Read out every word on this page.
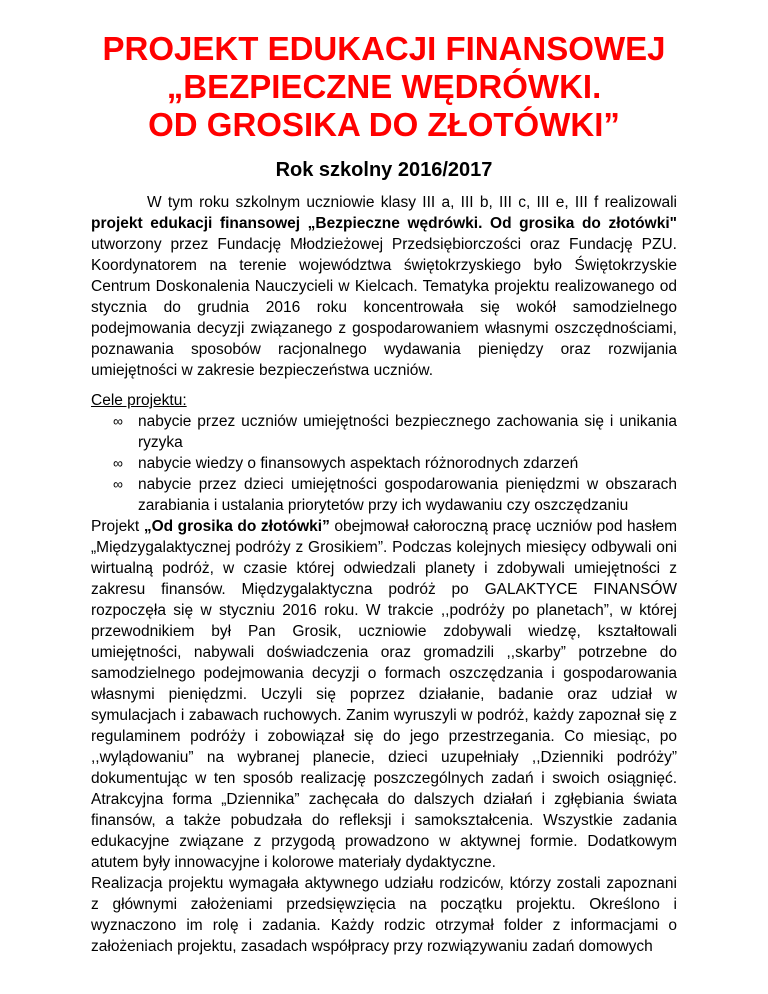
PROJEKT EDUKACJI FINANSOWEJ
„BEZPIECZNE WĘDRÓWKI.
OD GROSIKA DO ZŁOTÓWKI”
Rok szkolny 2016/2017

W tym roku szkolnym uczniowie klasy III a, III b, III c, III e, III f realizowali projekt edukacji finansowej „Bezpieczne wędrówki. Od grosika do złotówki" utworzony przez Fundację Młodzieżowej Przedsiębiorczości oraz Fundację PZU. Koordynatorem na terenie województwa świętokrzyskiego było Świętokrzyskie Centrum Doskonalenia Nauczycieli w Kielcach. Tematyka projektu realizowanego od stycznia do grudnia 2016 roku koncentrowała się wokół samodzielnego podejmowania decyzji związanego z gospodarowaniem własnymi oszczędnościami, poznawania sposobów racjonalnego wydawania pieniędzy oraz rozwijania umiejętności w zakresie bezpieczeństwa uczniów.

Cele projektu:
∞ nabycie przez uczniów umiejętności bezpiecznego zachowania się i unikania ryzyka
∞ nabycie wiedzy o finansowych aspektach różnorodnych zdarzeń
∞ nabycie przez dzieci umiejętności gospodarowania pieniędzmi w obszarach zarabiania i ustalania priorytetów przy ich wydawaniu czy oszczędzaniu

Projekt „Od grosika do złotówki” obejmował całoroczną pracę uczniów pod hasłem „Międzygalaktycznej podróży z Grosikiem”. Podczas kolejnych miesięcy odbywali oni wirtualną podróż, w czasie której odwiedzali planety i zdobywali umiejętności z zakresu finansów. Międzygalaktyczna podróż po GALAKTYCE FINANSÓW rozpoczęła się w styczniu 2016 roku. W trakcie ,,podróży po planetach”, w której przewodnikiem był Pan Grosik, uczniowie zdobywali wiedzę, kształtowali umiejętności, nabywali doświadczenia oraz gromadzili ,,skarby” potrzebne do samodzielnego podejmowania decyzji o formach oszczędzania i gospodarowania własnymi pieniędzmi. Uczyli się poprzez działanie, badanie oraz udział w symulacjach i zabawach ruchowych. Zanim wyruszyli w podróż, każdy zapoznał się z regulaminem podróży i zobowiązał się do jego przestrzegania. Co miesiąc, po ,,wylądowaniu” na wybranej planecie, dzieci uzupełniały ,,Dzienniki podróży” dokumentując w ten sposób realizację poszczególnych zadań i swoich osiągnięć. Atrakcyjna forma „Dziennika” zachęcała do dalszych działań i zgłębiania świata finansów, a także pobudzała do refleksji i samokształcenia. Wszystkie zadania edukacyjne związane z przygodą prowadzono w aktywnej formie. Dodatkowym atutem były innowacyjne i kolorowe materiały dydaktyczne.

Realizacja projektu wymagała aktywnego udziału rodziców, którzy zostali zapoznani z głównymi założeniami przedsięwzięcia na początku projektu. Określono i wyznaczono im rolę i zadania. Każdy rodzic otrzymał folder z informacjami o założeniach projektu, zasadach współpracy przy rozwiązywaniu zadań domowych
